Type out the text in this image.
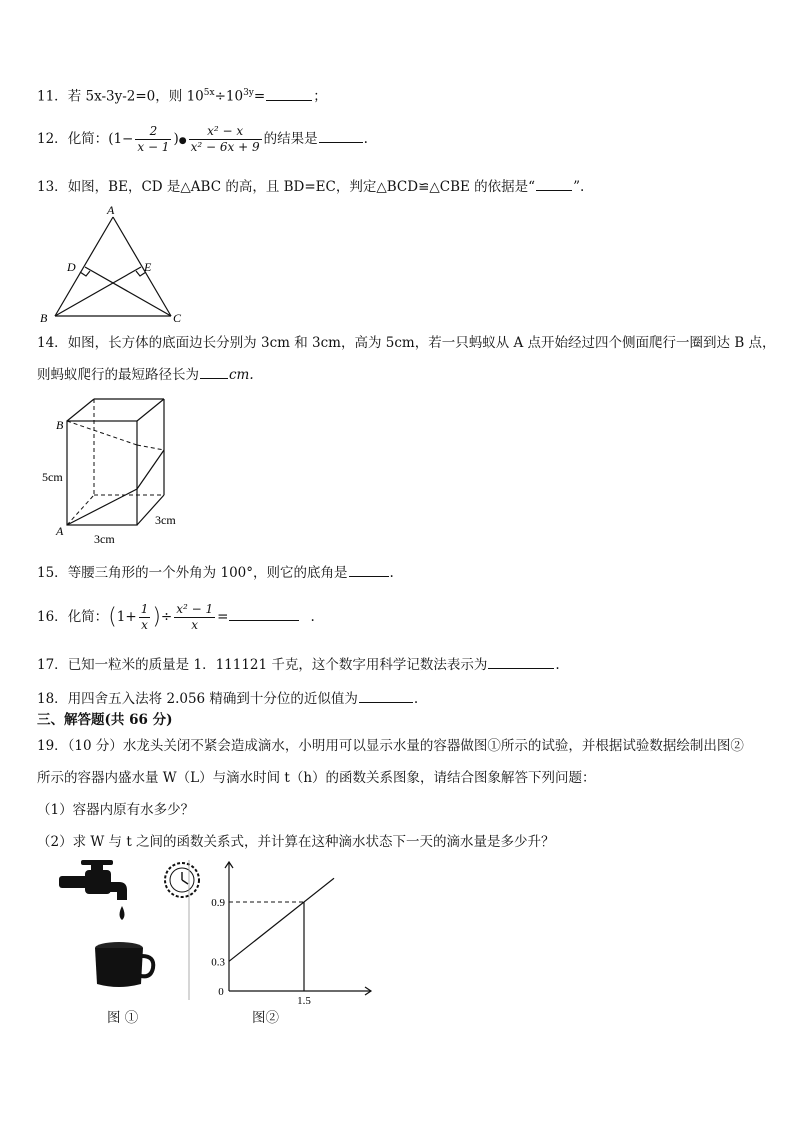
11．若 5x-3y-2=0，则 $10^{5x}\div 10^{3y}=$	；
12．化简：($1- \frac{2}{x - 1}$ )● $\frac{\text{x² − x}}{\text{x² − 6x + 9}}$ 的结果是	.
13．如图，BE，CD 是△ABC 的高，且 BD=EC，判定△BCD≌△CBE 的依据是“	”.
A
B	C
D	E
14．如图，长方体的底面边长分别为 3cm 和 3cm，高为 5cm，若一只蚂蚁从 A 点开始经过四个侧面爬行一圈到达 B 点，
则蚂蚁爬行的最短路径长为 cm.
B
A
5cm
3cm
3cm
15．等腰三角形的一个外角为 100°，则它的底角是	.
16．化简：($1+ \frac{1}{x}$ )÷ $\frac{\text{x² − 1}}{x}$ =	.
17．已知一粒米的质量是 1．111121 千克，这个数字用科学记数法表示为	.
18．用四舍五入法将 2.056 精确到十分位的近似值为	.
三、解答题(共 66 分)
19．（10 分）水龙头关闭不紧会造成滴水，小明用可以显示水量的容器做图①所示的试验，并根据试验数据绘制出图②
所示的容器内盛水量 W（L）与滴水时间 t（h）的函数关系图象，请结合图象解答下列问题：
（1）容器内原有水多少？
（2）求 W 与 t 之间的函数关系式，并计算在这种滴水状态下一天的滴水量是多少升？
图 ①
0.3
0.9
0
1.5
图②
